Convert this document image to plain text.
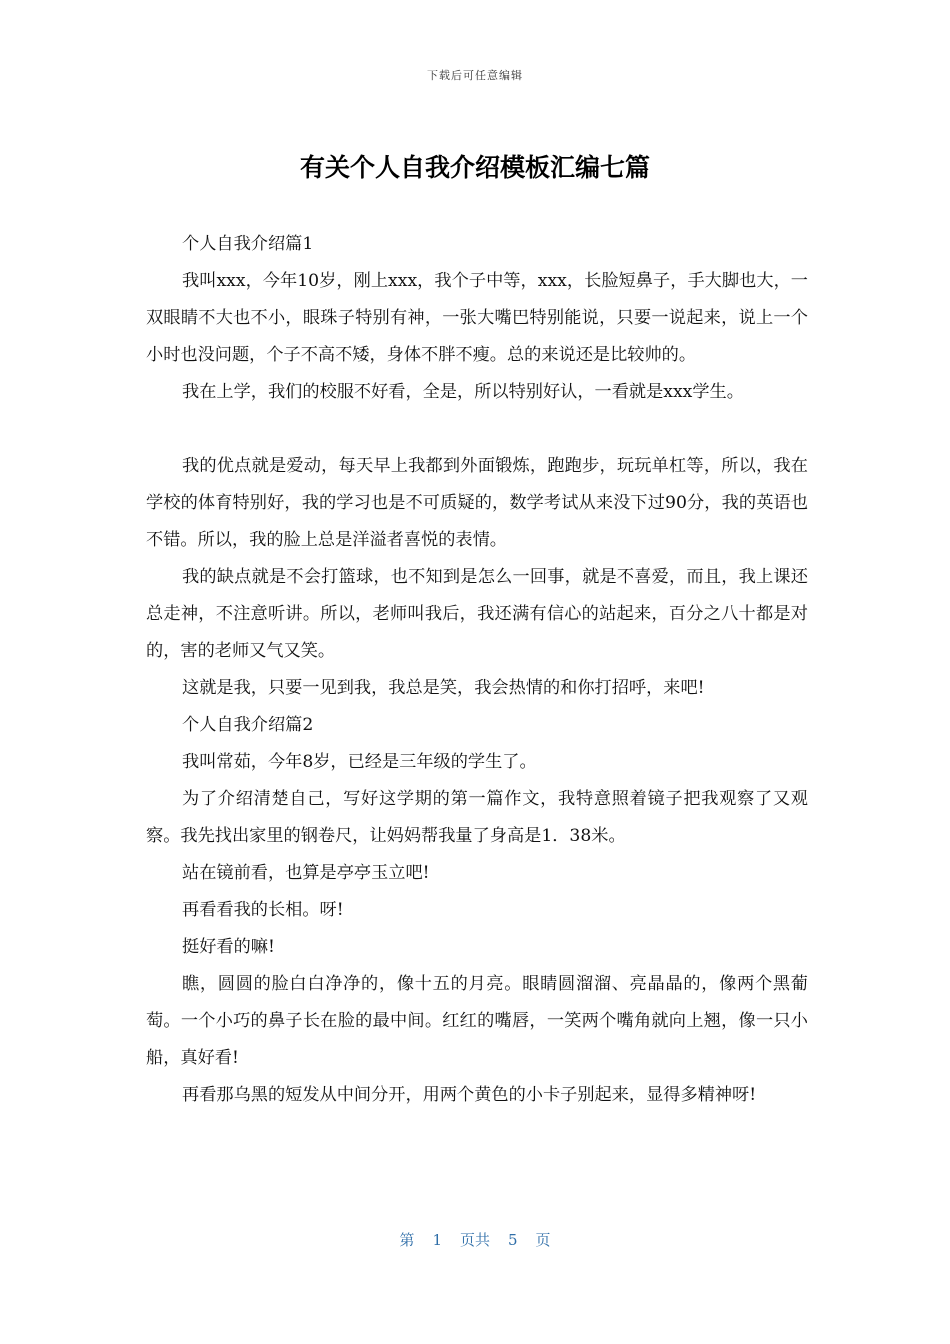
下载后可任意编辑
有关个人自我介绍模板汇编七篇

个人自我介绍篇1

我叫xxx，今年10岁，刚上xxx，我个子中等，xxx，长脸短鼻子，手大脚也大，一双眼睛不大也不小，眼珠子特别有神，一张大嘴巴特别能说，只要一说起来，说上一个小时也没问题，个子不高不矮，身体不胖不瘦。总的来说还是比较帅的。

我在上学，我们的校服不好看，全是，所以特别好认，一看就是xxx学生。

我的优点就是爱动，每天早上我都到外面锻炼，跑跑步，玩玩单杠等，所以，我在学校的体育特别好，我的学习也是不可质疑的，数学考试从来没下过90分，我的英语也不错。所以，我的脸上总是洋溢者喜悦的表情。

我的缺点就是不会打篮球，也不知到是怎么一回事，就是不喜爱，而且，我上课还总走神，不注意听讲。所以，老师叫我后，我还满有信心的站起来，百分之八十都是对的，害的老师又气又笑。

这就是我，只要一见到我，我总是笑，我会热情的和你打招呼，来吧!

个人自我介绍篇2

我叫常茹，今年8岁，已经是三年级的学生了。

为了介绍清楚自己，写好这学期的第一篇作文，我特意照着镜子把我观察了又观察。我先找出家里的钢卷尺，让妈妈帮我量了身高是1．38米。

站在镜前看，也算是亭亭玉立吧!

再看看我的长相。呀!

挺好看的嘛!

瞧，圆圆的脸白白净净的，像十五的月亮。眼睛圆溜溜、亮晶晶的，像两个黑葡萄。一个小巧的鼻子长在脸的最中间。红红的嘴唇，一笑两个嘴角就向上翘，像一只小船，真好看!

再看那乌黑的短发从中间分开，用两个黄色的小卡子别起来，显得多精神呀!

第 1 页共 5 页
